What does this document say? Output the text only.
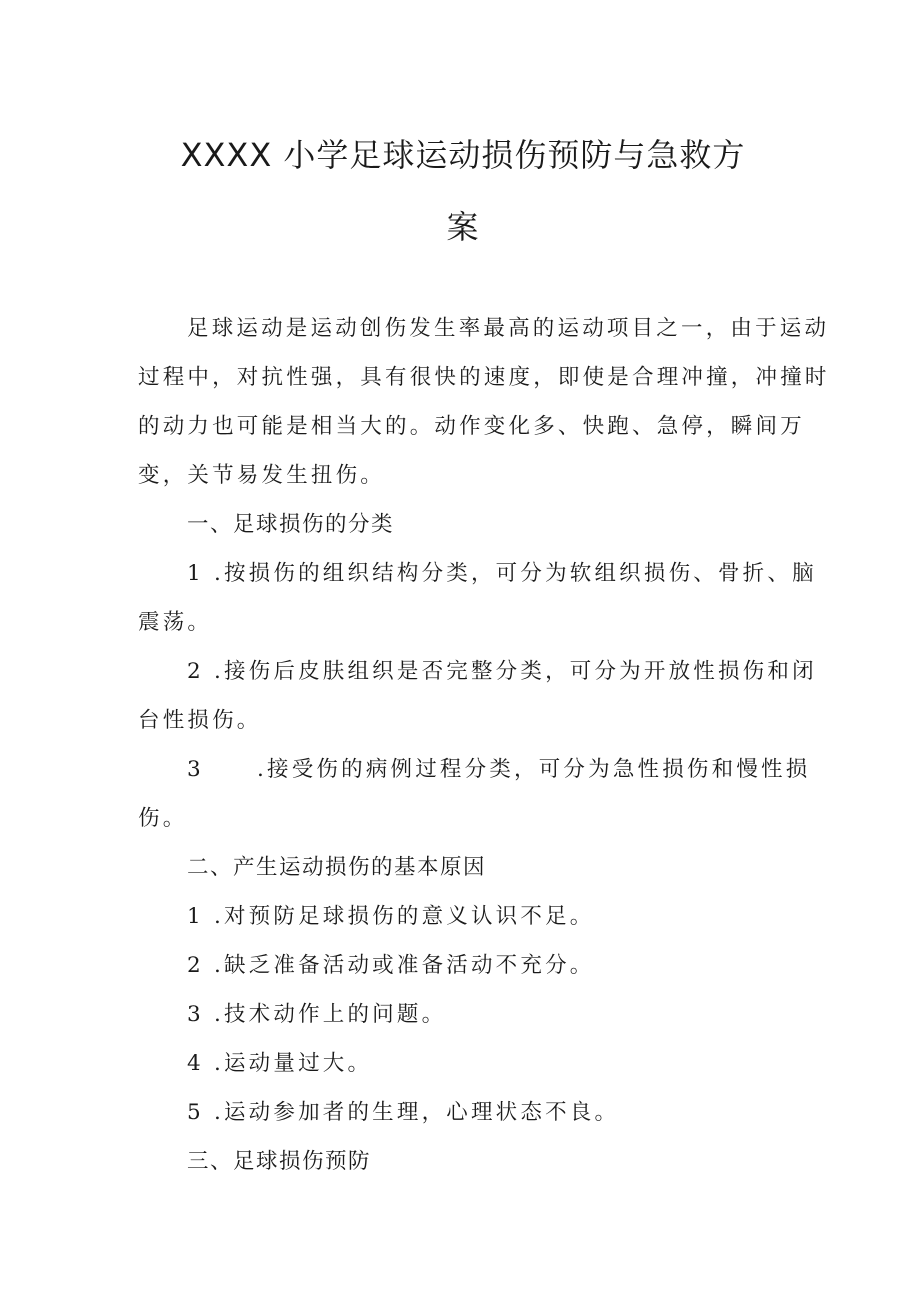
XXXX 小学足球运动损伤预防与急救方
案
足球运动是运动创伤发生率最高的运动项目之一，由于运动
过程中，对抗性强，具有很快的速度，即使是合理冲撞，冲撞时
的动力也可能是相当大的。动作变化多、快跑、急停，瞬间万
变，关节易发生扭伤。
一、足球损伤的分类
1 .按损伤的组织结构分类，可分为软组织损伤、骨折、脑
震荡。
2 .接伤后皮肤组织是否完整分类，可分为开放性损伤和闭
台性损伤。
3 .接受伤的病例过程分类，可分为急性损伤和慢性损
伤。
二、产生运动损伤的基本原因
1 .对预防足球损伤的意义认识不足。
2 .缺乏准备活动或准备活动不充分。
3 .技术动作上的问题。
4 .运动量过大。
5 .运动参加者的生理，心理状态不良。
三、足球损伤预防
